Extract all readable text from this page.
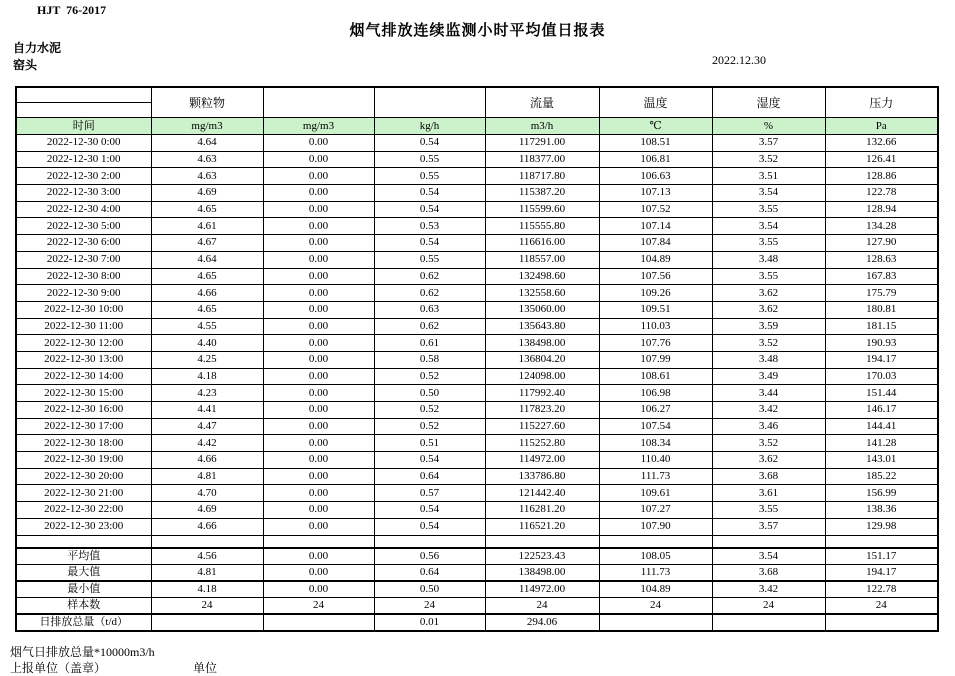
HJT  76-2017
烟气排放连续监测小时平均值日报表
自力水泥
窑头	2022.12.30
	颗粒物			流量	温度	湿度	压力

时间	mg/m3	mg/m3	kg/h	m3/h	℃	%	Pa
2022-12-30 0:00	4.64	0.00	0.54	117291.00	108.51	3.57	132.66
2022-12-30 1:00	4.63	0.00	0.55	118377.00	106.81	3.52	126.41
2022-12-30 2:00	4.63	0.00	0.55	118717.80	106.63	3.51	128.86
2022-12-30 3:00	4.69	0.00	0.54	115387.20	107.13	3.54	122.78
2022-12-30 4:00	4.65	0.00	0.54	115599.60	107.52	3.55	128.94
2022-12-30 5:00	4.61	0.00	0.53	115555.80	107.14	3.54	134.28
2022-12-30 6:00	4.67	0.00	0.54	116616.00	107.84	3.55	127.90
2022-12-30 7:00	4.64	0.00	0.55	118557.00	104.89	3.48	128.63
2022-12-30 8:00	4.65	0.00	0.62	132498.60	107.56	3.55	167.83
2022-12-30 9:00	4.66	0.00	0.62	132558.60	109.26	3.62	175.79
2022-12-30 10:00	4.65	0.00	0.63	135060.00	109.51	3.62	180.81
2022-12-30 11:00	4.55	0.00	0.62	135643.80	110.03	3.59	181.15
2022-12-30 12:00	4.40	0.00	0.61	138498.00	107.76	3.52	190.93
2022-12-30 13:00	4.25	0.00	0.58	136804.20	107.99	3.48	194.17
2022-12-30 14:00	4.18	0.00	0.52	124098.00	108.61	3.49	170.03
2022-12-30 15:00	4.23	0.00	0.50	117992.40	106.98	3.44	151.44
2022-12-30 16:00	4.41	0.00	0.52	117823.20	106.27	3.42	146.17
2022-12-30 17:00	4.47	0.00	0.52	115227.60	107.54	3.46	144.41
2022-12-30 18:00	4.42	0.00	0.51	115252.80	108.34	3.52	141.28
2022-12-30 19:00	4.66	0.00	0.54	114972.00	110.40	3.62	143.01
2022-12-30 20:00	4.81	0.00	0.64	133786.80	111.73	3.68	185.22
2022-12-30 21:00	4.70	0.00	0.57	121442.40	109.61	3.61	156.99
2022-12-30 22:00	4.69	0.00	0.54	116281.20	107.27	3.55	138.36
2022-12-30 23:00	4.66	0.00	0.54	116521.20	107.90	3.57	129.98

平均值	4.56	0.00	0.56	122523.43	108.05	3.54	151.17
最大值	4.81	0.00	0.64	138498.00	111.73	3.68	194.17
最小值	4.18	0.00	0.50	114972.00	104.89	3.42	122.78
样本数	24	24	24	24	24	24	24
日排放总量（t/d）			0.01	294.06			
烟气日排放总量*10000m3/h
上报单位（盖章）	单位
